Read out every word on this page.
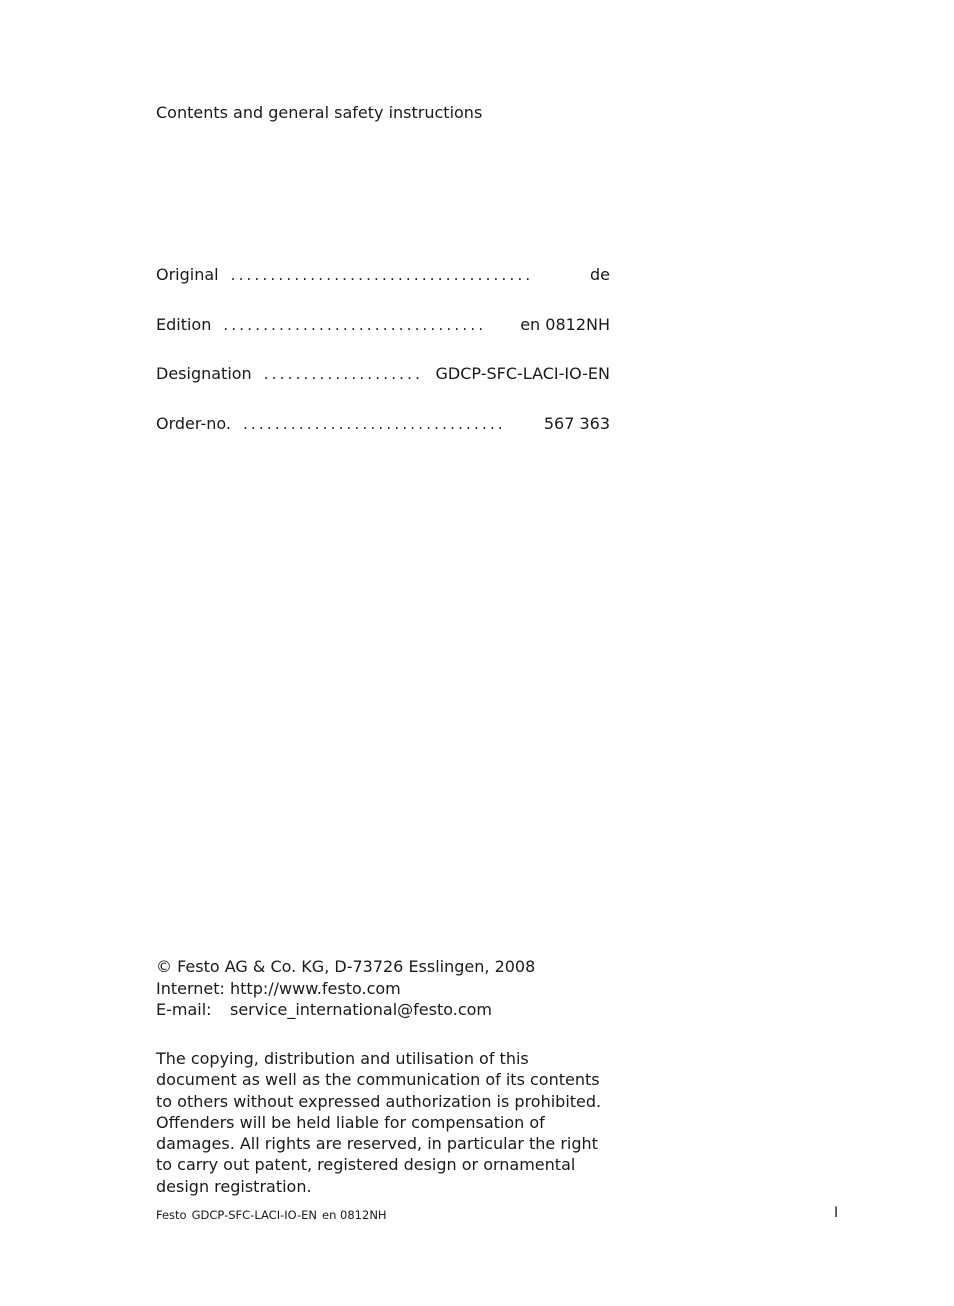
Contents and general safety instructions
Original ......................................	de
Edition .................................	en 0812NH
Designation .................... GDCP-SFC-LACI-IO-EN
Order-no. .................................	567 363
© Festo AG & Co. KG, D-73726 Esslingen, 2008
Internet: http://www.festo.com
E-mail: service_international@festo.com
The copying, distribution and utilisation of this document as well as the communication of its contents to others without expressed authorization is prohibited. Offenders will be held liable for compensation of damages. All rights are reserved, in particular the right to carry out patent, registered design or ornamental design registration.
Festo GDCP-SFC-LACI-IO-EN en 0812NH	I
